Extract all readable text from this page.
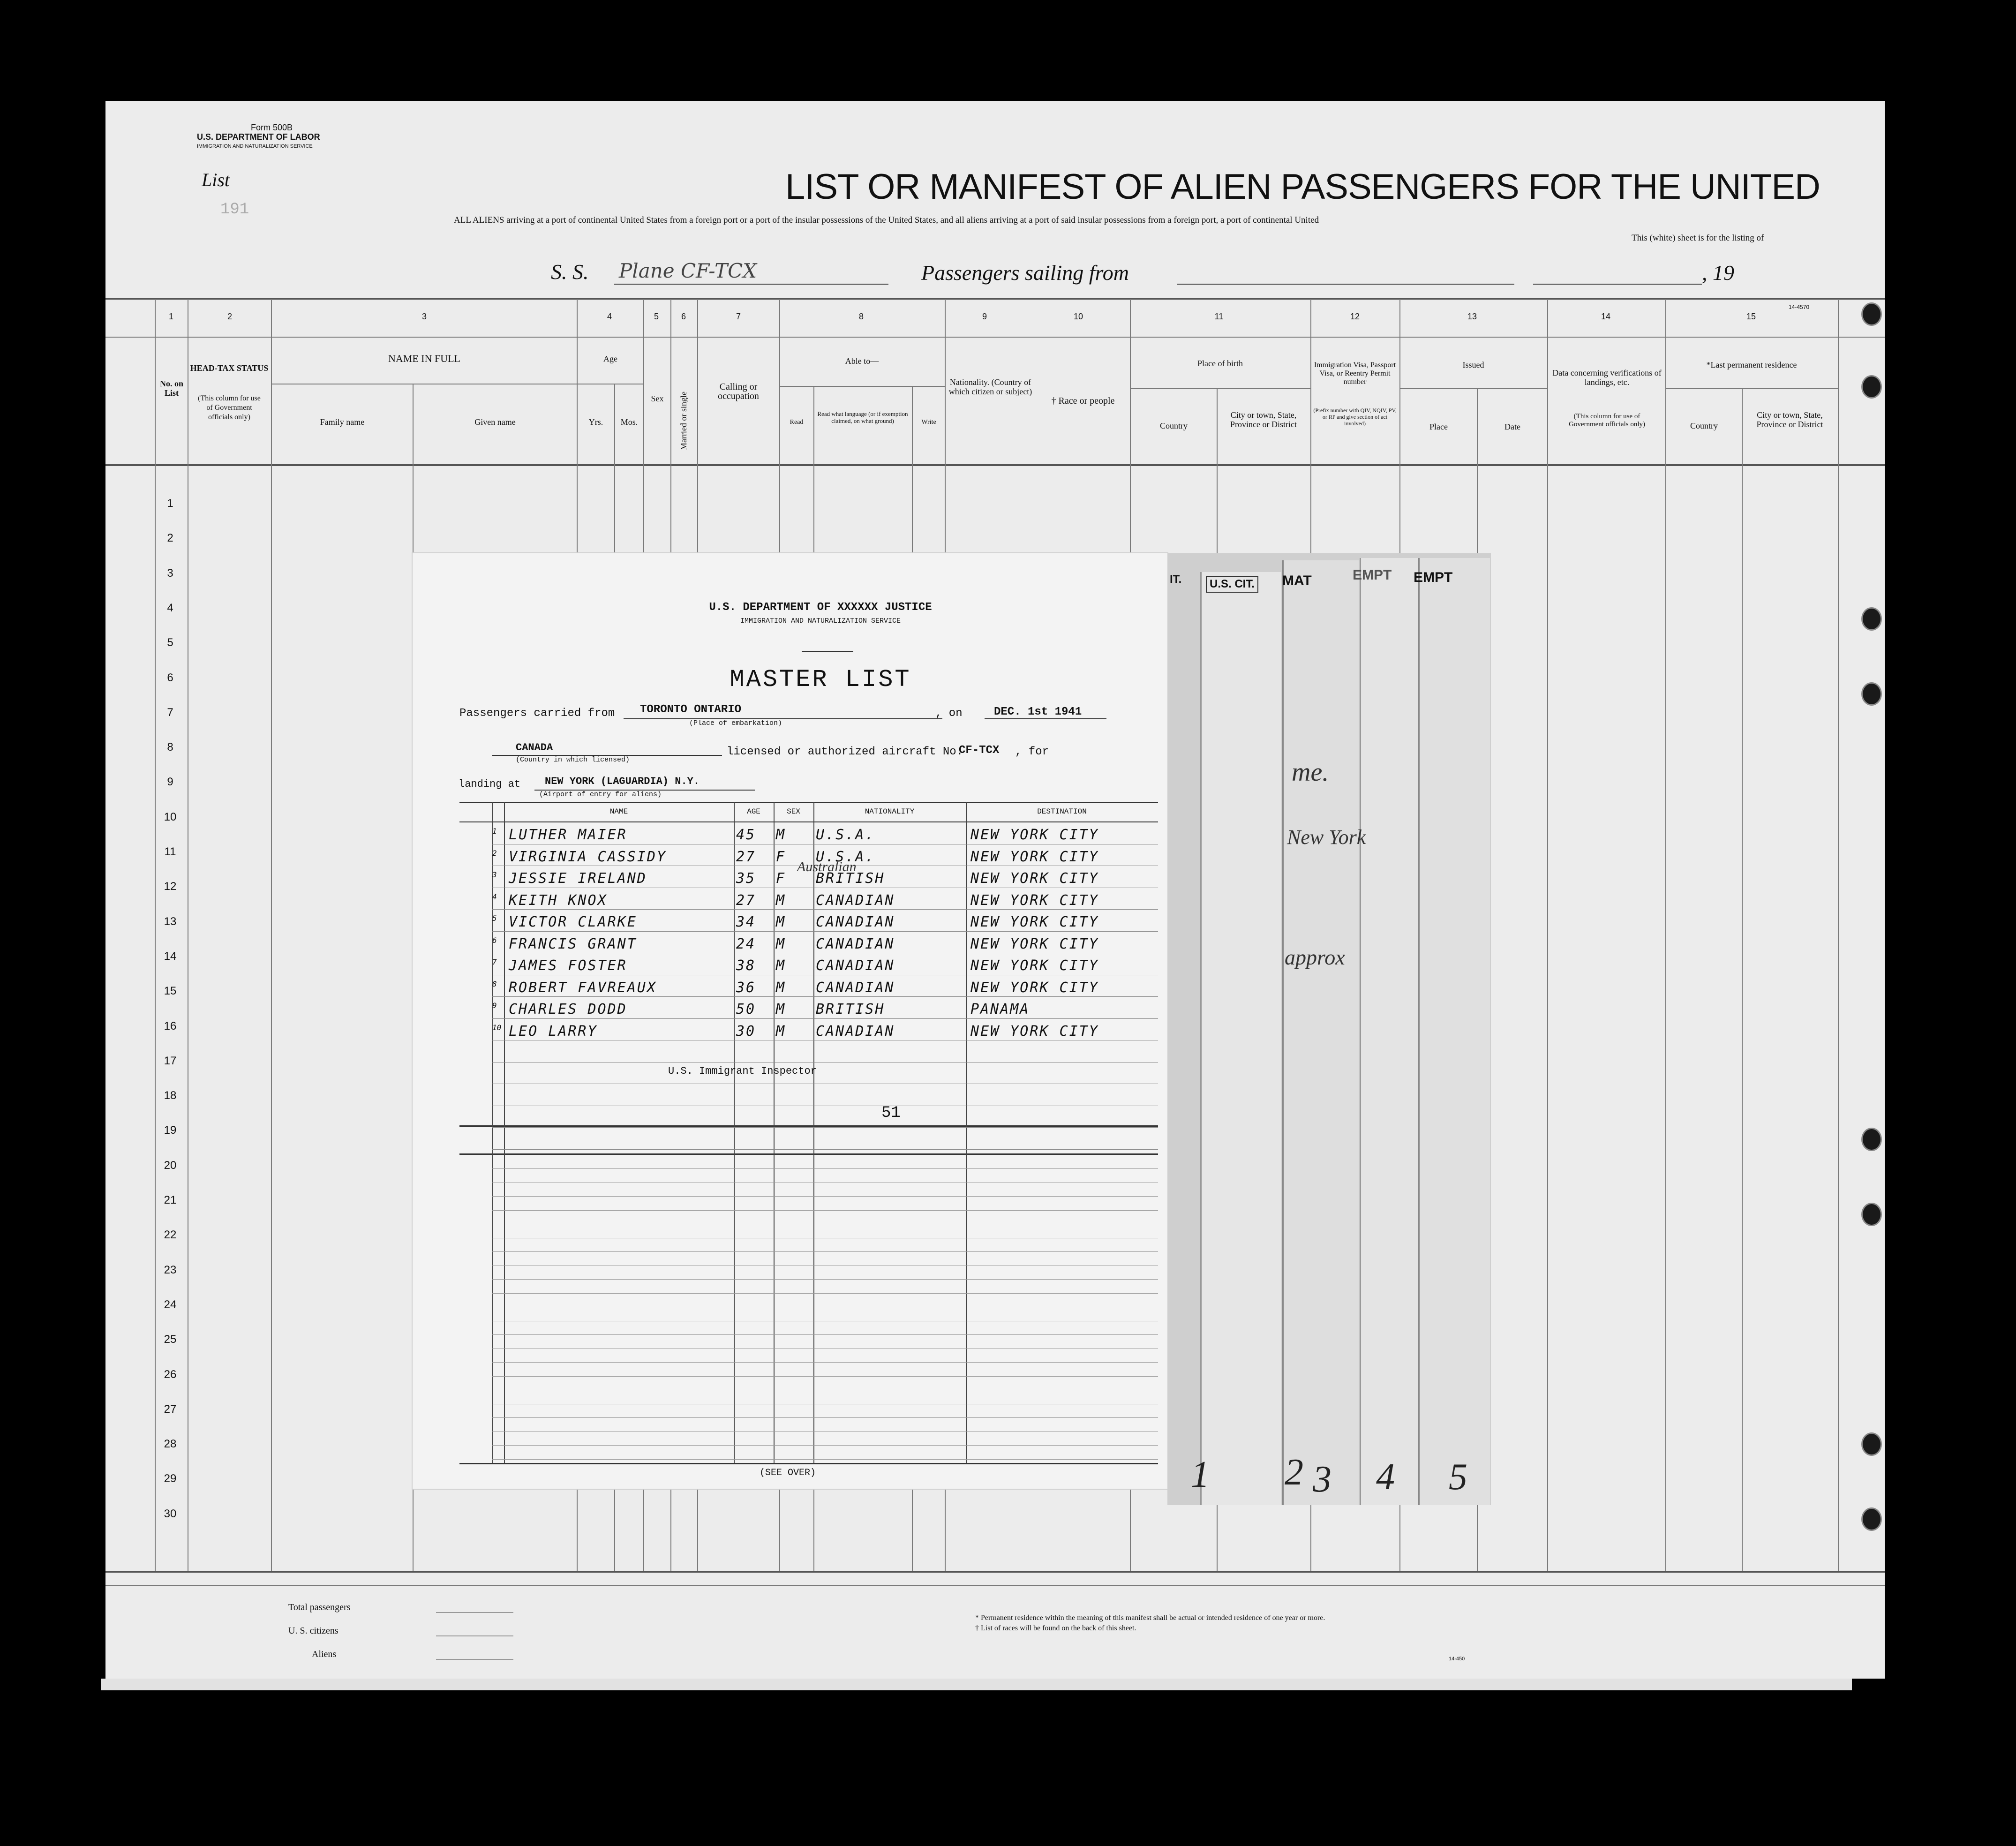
Form 500B
U.S. DEPARTMENT OF LABOR
IMMIGRATION AND NATURALIZATION SERVICE
List
191
LIST OR MANIFEST OF ALIEN PASSENGERS FOR THE UNITED
ALL ALIENS arriving at a port of continental United States from a foreign port or a port of the insular possessions of the United States, and all aliens arriving at a port of said insular possessions from a foreign port, a port of continental United
This (white) sheet is for the listing of
S. S. Plane CF-TCX	Passengers sailing from	, 19
14-4570
1	2	3	4	5	6	7	8	9	10	11	12	13	14	15
No. on List
HEAD-TAX STATUS
(This column for use of Government officials only)
NAME IN FULL
Family name	Given name
Age
Yrs.	Mos.
Sex	Married or single
Calling or occupation
Able to—
Read
Read what language (or if exemption claimed, on what ground)	Write
Nationality. (Country of which citizen or subject)
† Race or people
Place of birth
Country
City or town, State, Province or District
Immigration Visa, Passport Visa, or Reentry Permit number
(Prefix number with QIV, NQIV, PV, or RP and give section of act involved)
Issued
Place	Date
Data concerning verifications of landings, etc.
(This column for use of Government officials only)
*Last permanent residence
Country
City or town, State, Province or District
1
2
3
4
5
6
7
8
9
10
11
12
13
14
15
16
17
18
19
20
21
22
23
24
25
26
27
28
29
30
Total passengers
U. S. citizens
Aliens
* Permanent residence within the meaning of this manifest shall be actual or intended residence of one year or more.
† List of races will be found on the back of this sheet.
14-450
IT.	U.S. CIT. MAT	EMPT EMPT
me.
New York
approx
1 2 3 4 5
U.S. DEPARTMENT OF XXXXXX JUSTICE
IMMIGRATION AND NATURALIZATION SERVICE
MASTER LIST
Passengers carried from TORONTO ONTARIO
(Place of embarkation)
, on	DEC. 1st 1941
CANADA
(Country in which licensed)
licensed or authorized aircraft No.
CF-TCX , for
landing at NEW YORK (LAGUARDIA) N.Y.
(Airport of entry for aliens)
NAME	AGE	SEX	NATIONALITY	DESTINATION
1 LUTHER MAIER	45	M	U.S.A.	NEW YORK CITY
2 VIRGINIA CASSIDY	27	F	U.S.A.	NEW YORK CITY
3 JESSIE IRELAND	35	F	BRITISH	NEW YORK CITY
4 KEITH KNOX	27	M	CANADIAN	NEW YORK CITY
5 VICTOR CLARKE	34	M	CANADIAN	NEW YORK CITY
6 FRANCIS GRANT	24	M	CANADIAN	NEW YORK CITY
7 JAMES FOSTER	38	M	CANADIAN	NEW YORK CITY
8 ROBERT FAVREAUX	36	M	CANADIAN	NEW YORK CITY
9 CHARLES DODD	50	M	BRITISH	PANAMA
10 LEO LARRY	30	M	CANADIAN	NEW YORK CITY
Australian
U.S. Immigrant Inspector
51
(SEE OVER)
